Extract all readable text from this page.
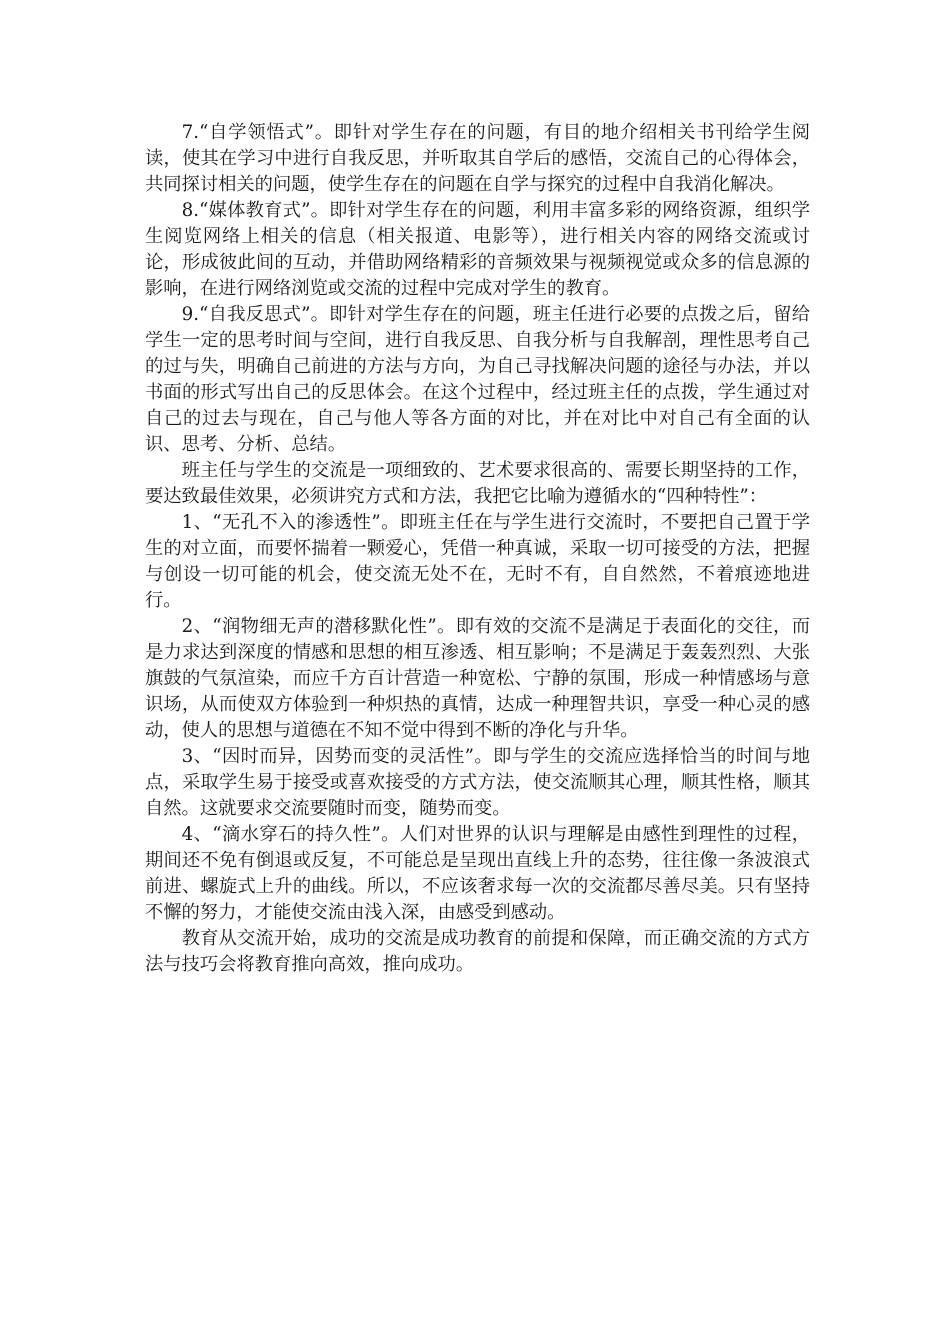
7.“自学领悟式”。即针对学生存在的问题，有目的地介绍相关书刊给学生阅读，使其在学习中进行自我反思，并听取其自学后的感悟，交流自己的心得体会，共同探讨相关的问题，使学生存在的问题在自学与探究的过程中自我消化解决。

8.“媒体教育式”。即针对学生存在的问题，利用丰富多彩的网络资源，组织学生阅览网络上相关的信息（相关报道、电影等），进行相关内容的网络交流或讨论，形成彼此间的互动，并借助网络精彩的音频效果与视频视觉或众多的信息源的影响，在进行网络浏览或交流的过程中完成对学生的教育。

9.“自我反思式”。即针对学生存在的问题，班主任进行必要的点拨之后，留给学生一定的思考时间与空间，进行自我反思、自我分析与自我解剖，理性思考自己的过与失，明确自己前进的方法与方向，为自己寻找解决问题的途径与办法，并以书面的形式写出自己的反思体会。在这个过程中，经过班主任的点拨，学生通过对自己的过去与现在，自己与他人等各方面的对比，并在对比中对自己有全面的认识、思考、分析、总结。

班主任与学生的交流是一项细致的、艺术要求很高的、需要长期坚持的工作，要达致最佳效果，必须讲究方式和方法，我把它比喻为遵循水的“四种特性”：

1、“无孔不入的渗透性”。即班主任在与学生进行交流时，不要把自己置于学生的对立面，而要怀揣着一颗爱心，凭借一种真诚，采取一切可接受的方法，把握与创设一切可能的机会，使交流无处不在，无时不有，自自然然，不着痕迹地进行。

2、“润物细无声的潜移默化性”。即有效的交流不是满足于表面化的交往，而是力求达到深度的情感和思想的相互渗透、相互影响；不是满足于轰轰烈烈、大张旗鼓的气氛渲染，而应千方百计营造一种宽松、宁静的氛围，形成一种情感场与意识场，从而使双方体验到一种炽热的真情，达成一种理智共识，享受一种心灵的感动，使人的思想与道德在不知不觉中得到不断的净化与升华。

3、“因时而异，因势而变的灵活性”。即与学生的交流应选择恰当的时间与地点，采取学生易于接受或喜欢接受的方式方法，使交流顺其心理，顺其性格，顺其自然。这就要求交流要随时而变，随势而变。

4、“滴水穿石的持久性”。人们对世界的认识与理解是由感性到理性的过程，期间还不免有倒退或反复，不可能总是呈现出直线上升的态势，往往像一条波浪式前进、螺旋式上升的曲线。所以，不应该奢求每一次的交流都尽善尽美。只有坚持不懈的努力，才能使交流由浅入深，由感受到感动。

教育从交流开始，成功的交流是成功教育的前提和保障，而正确交流的方式方法与技巧会将教育推向高效，推向成功。
